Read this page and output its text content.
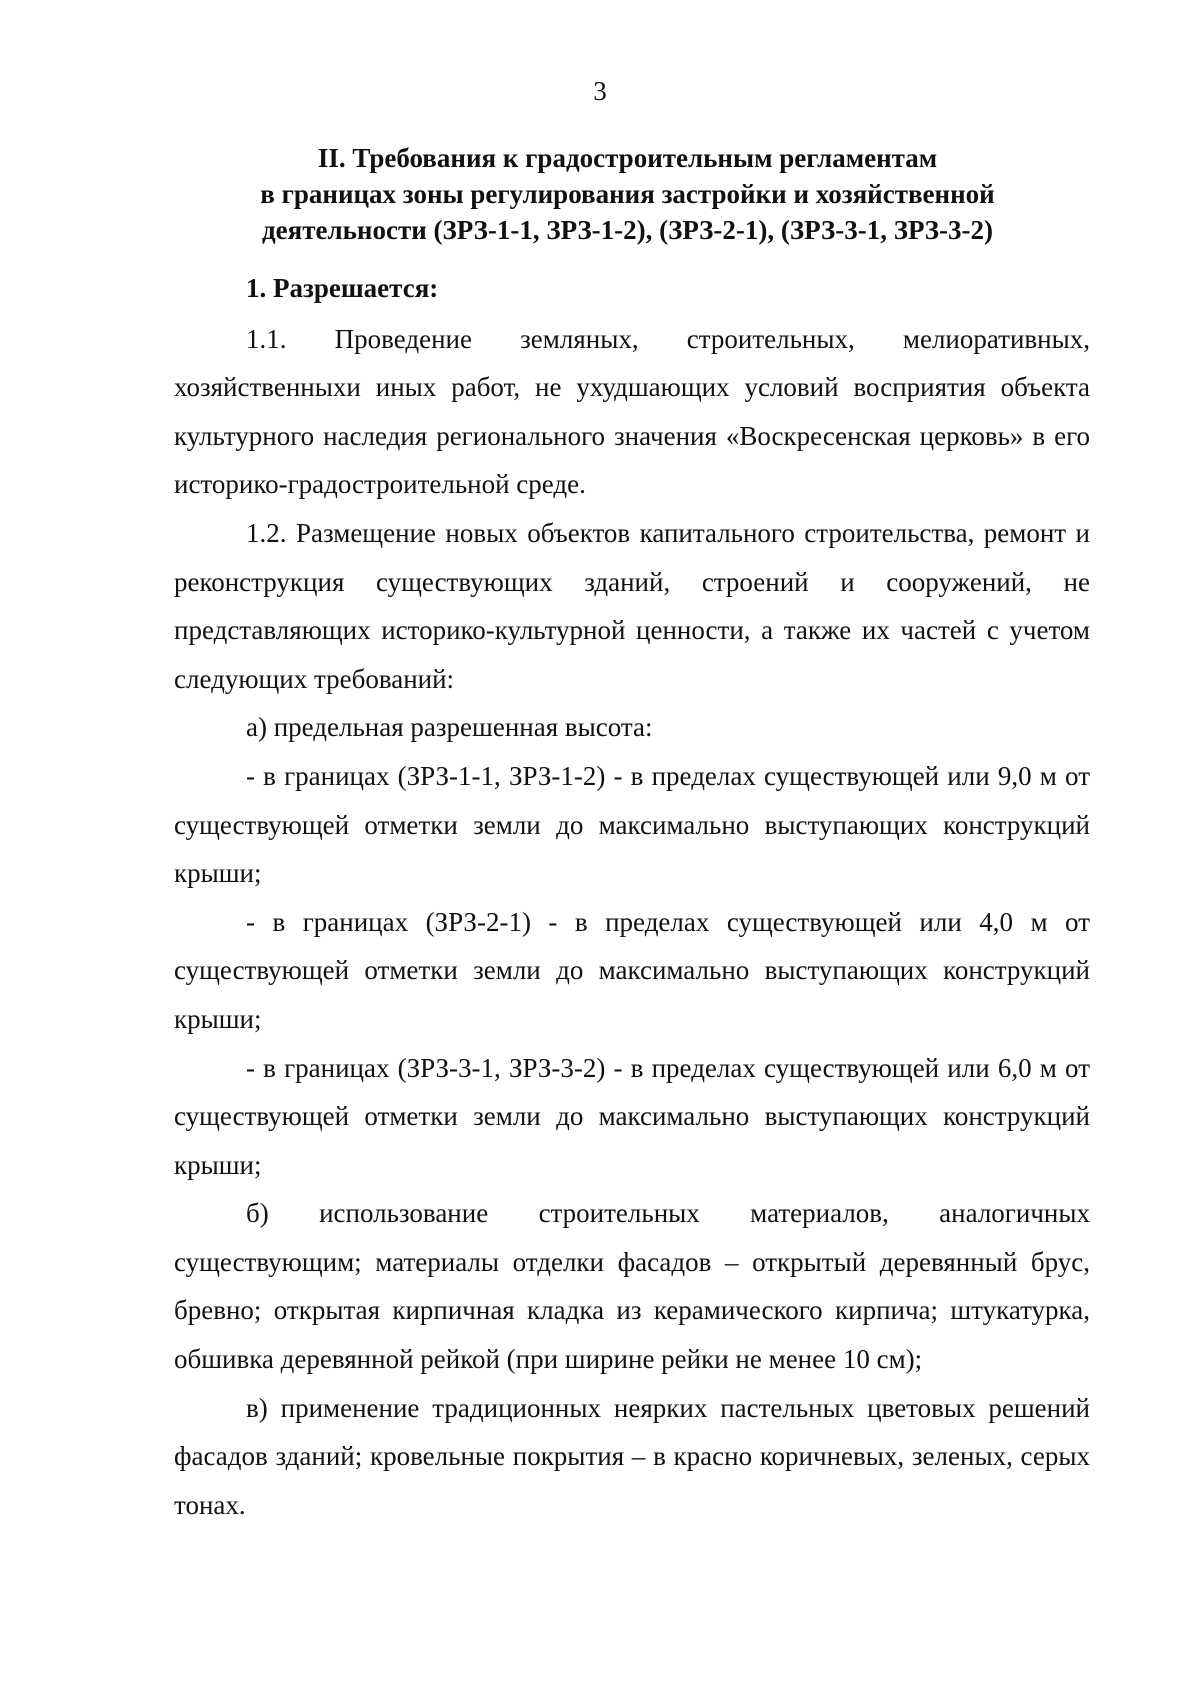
3
II. Требования к градостроительным регламентам
в границах зоны регулирования застройки и хозяйственной
деятельности (ЗРЗ-1-1, ЗРЗ-1-2), (ЗРЗ-2-1), (ЗРЗ-3-1, ЗРЗ-3-2)

1. Разрешается:

1.1. Проведение земляных, строительных, мелиоративных, хозяйственныхи иных работ, не ухудшающих условий восприятия объекта культурного наследия регионального значения «Воскресенская церковь» в его историко-градостроительной среде.

1.2. Размещение новых объектов капитального строительства, ремонт и реконструкция существующих зданий, строений и сооружений, не представляющих историко-культурной ценности, а также их частей с учетом следующих требований:

а) предельная разрешенная высота:

- в границах (ЗРЗ-1-1, ЗРЗ-1-2) - в пределах существующей или 9,0 м от существующей отметки земли до максимально выступающих конструкций крыши;

- в границах (ЗРЗ-2-1) - в пределах существующей или 4,0 м от существующей отметки земли до максимально выступающих конструкций крыши;

- в границах (ЗРЗ-3-1, ЗРЗ-3-2) - в пределах существующей или 6,0 м от существующей отметки земли до максимально выступающих конструкций крыши;

б) использование строительных материалов, аналогичных существующим; материалы отделки фасадов – открытый деревянный брус, бревно; открытая кирпичная кладка из керамического кирпича; штукатурка, обшивка деревянной рейкой (при ширине рейки не менее 10 см);

в) применение традиционных неярких пастельных цветовых решений фасадов зданий; кровельные покрытия – в красно коричневых, зеленых, серых тонах.
